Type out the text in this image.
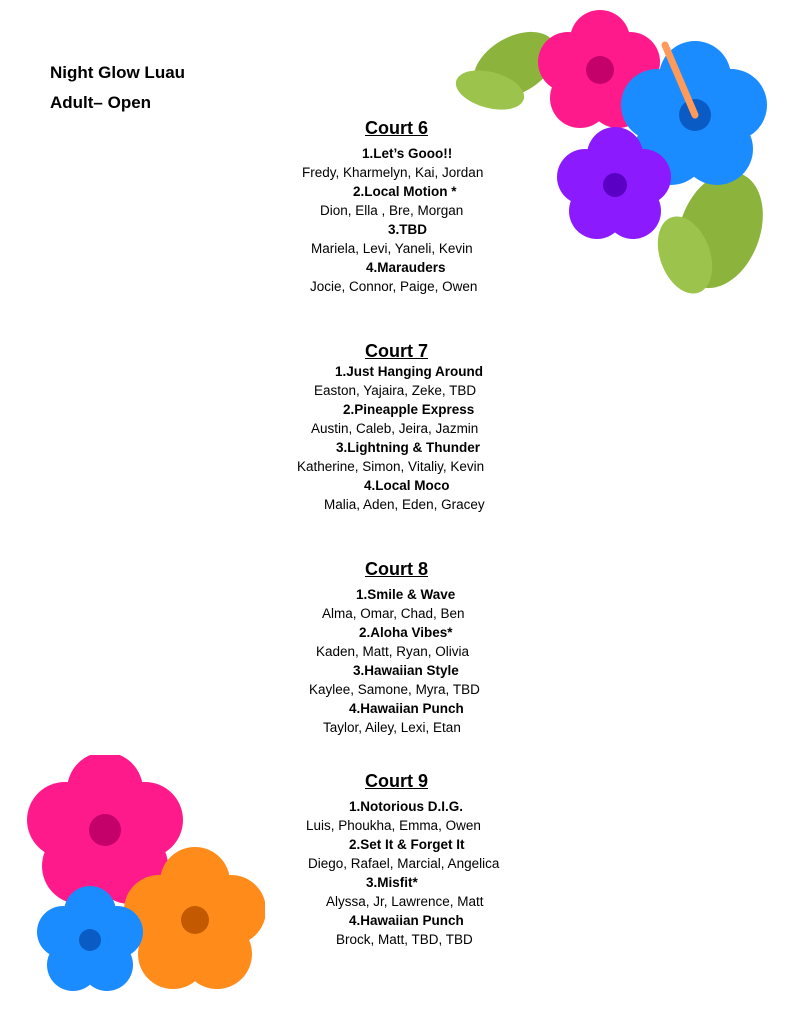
Night Glow Luau
Adult– Open
Court 6
1.Let’s Gooo!!
Fredy, Kharmelyn, Kai, Jordan
2.Local Motion *
Dion, Ella , Bre, Morgan
3.TBD
Mariela, Levi, Yaneli, Kevin
4.Marauders
Jocie, Connor, Paige, Owen
Court 7
1.Just Hanging Around
Easton, Yajaira, Zeke, TBD
2.Pineapple Express
Austin, Caleb, Jeira, Jazmin
3.Lightning & Thunder
Katherine, Simon, Vitaliy, Kevin
4.Local Moco
Malia, Aden, Eden, Gracey
Court 8
1.Smile & Wave
Alma, Omar, Chad, Ben
2.Aloha Vibes*
Kaden, Matt, Ryan, Olivia
3.Hawaiian Style
Kaylee, Samone, Myra, TBD
4.Hawaiian Punch
Taylor, Ailey, Lexi, Etan
Court 9
1.Notorious D.I.G.
Luis, Phoukha, Emma, Owen
2.Set It & Forget It
Diego, Rafael, Marcial, Angelica
3.Misfit*
Alyssa, Jr, Lawrence, Matt
4.Hawaiian Punch
Brock, Matt, TBD, TBD
